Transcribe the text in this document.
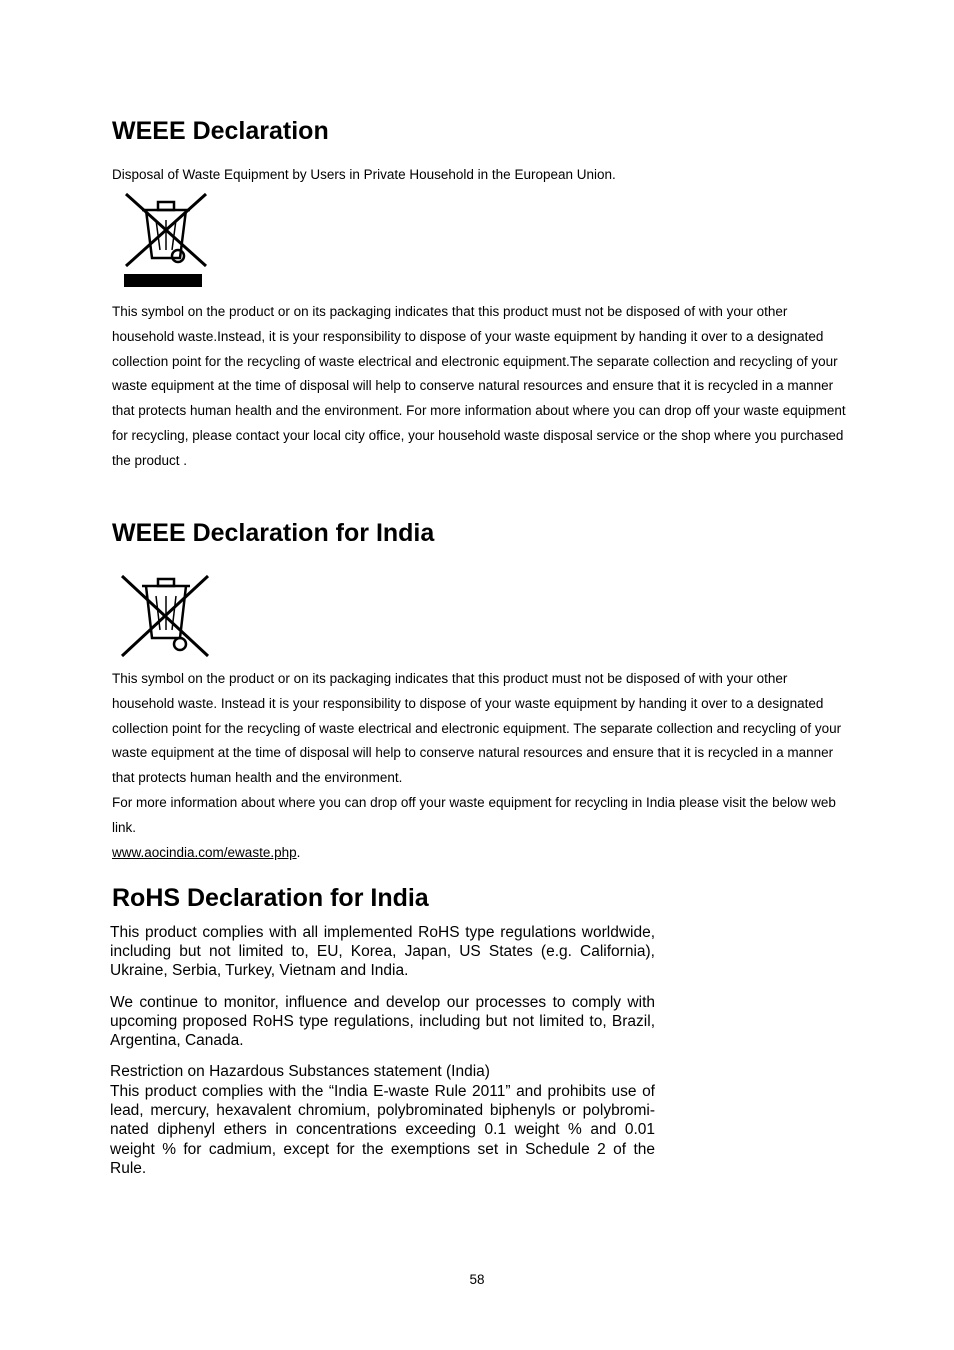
WEEE Declaration
Disposal of Waste Equipment by Users in Private Household in the European Union.

This symbol on the product or on its packaging indicates that this product must not be disposed of with your other household waste.Instead, it is your responsibility to dispose of your waste equipment by handing it over to a designated collection point for the recycling of waste electrical and electronic equipment.The separate collection and recycling of your waste equipment at the time of disposal will help to conserve natural resources and ensure that it is recycled in a manner that protects human health and the environment. For more information about where you can drop off your waste equipment for recycling, please contact your local city office, your household waste disposal service or the shop where you purchased the product .

WEEE Declaration for India

This symbol on the product or on its packaging indicates that this product must not be disposed of with your other household waste. Instead it is your responsibility to dispose of your waste equipment by handing it over to a designated collection point for the recycling of waste electrical and electronic equipment. The separate collection and recycling of your waste equipment at the time of disposal will help to conserve natural resources and ensure that it is recycled in a manner that protects human health and the environment.

For more information about where you can drop off your waste equipment for recycling in India please visit the below web link.

www.aocindia.com/ewaste.php.

RoHS Declaration for India

This product complies with all implemented RoHS type regulations worldwide, including but not limited to, EU, Korea, Japan, US States (e.g. California), Ukraine, Serbia, Turkey, Vietnam and India.

We continue to monitor, influence and develop our processes to comply with upcoming proposed RoHS type regulations, including but not limited to, Brazil, Argentina, Canada.

Restriction on Hazardous Substances statement (India)

This product complies with the “India E-waste Rule 2011” and prohibits use of lead, mercury, hexavalent chromium, polybrominated biphenyls or polybromi-nated diphenyl ethers in concentrations exceeding 0.1 weight % and 0.01 weight % for cadmium, except for the exemptions set in Schedule 2 of the Rule.

58
